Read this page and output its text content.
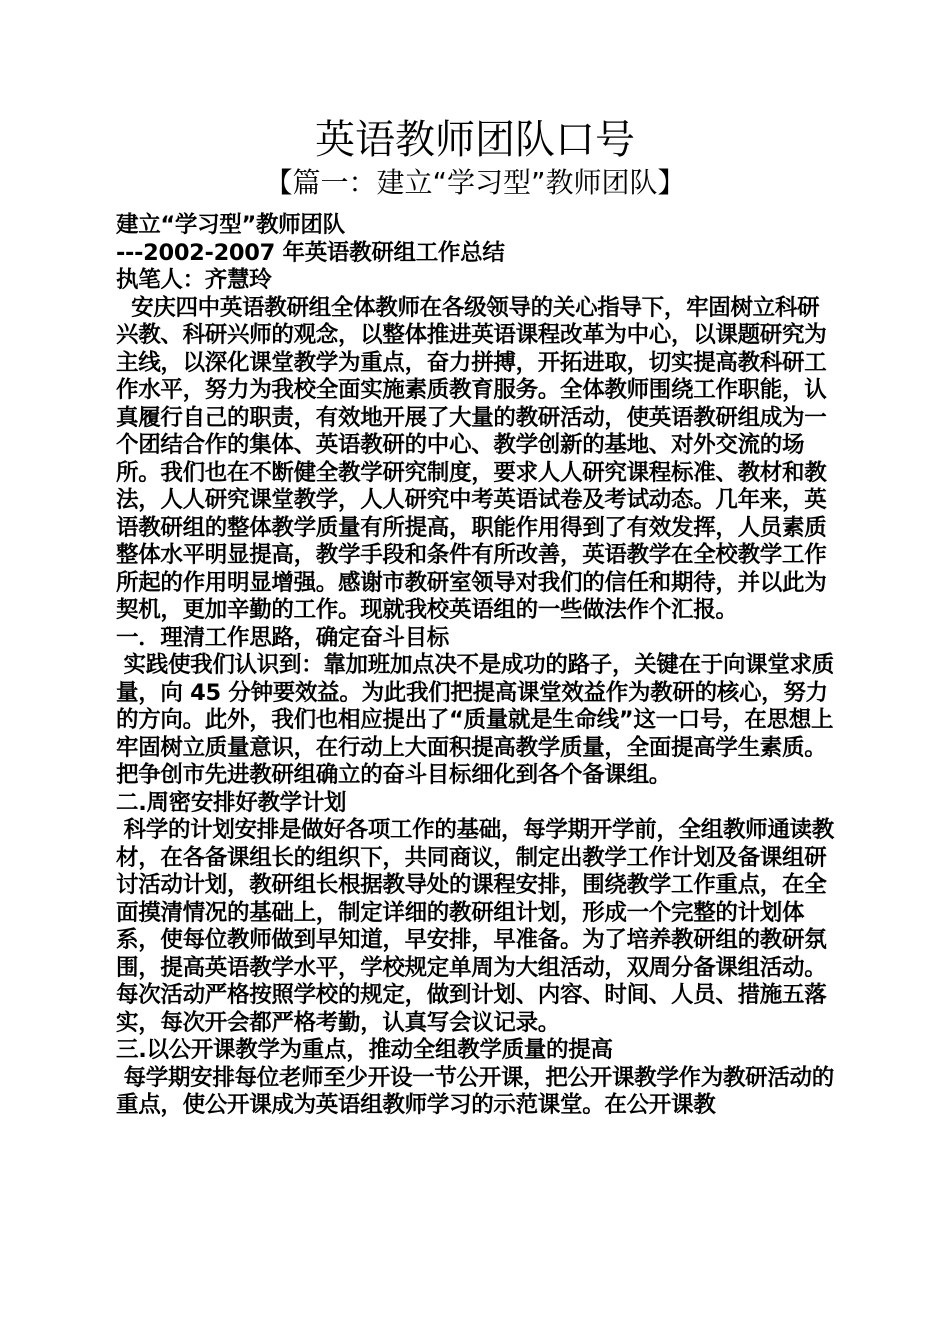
英语教师团队口号
【篇一：建立“学习型”教师团队】

建立“学习型”教师团队

---2002-2007 年英语教研组工作总结

执笔人：齐慧玲

安庆四中英语教研组全体教师在各级领导的关心指导下，牢固树立科研兴教、科研兴师的观念，以整体推进英语课程改革为中心，以课题研究为主线，以深化课堂教学为重点，奋力拼搏，开拓进取，切实提高教科研工作水平，努力为我校全面实施素质教育服务。全体教师围绕工作职能，认真履行自己的职责，有效地开展了大量的教研活动，使英语教研组成为一个团结合作的集体、英语教研的中心、教学创新的基地、对外交流的场所。我们也在不断健全教学研究制度，要求人人研究课程标准、教材和教法，人人研究课堂教学，人人研究中考英语试卷及考试动态。几年来，英语教研组的整体教学质量有所提高，职能作用得到了有效发挥，人员素质整体水平明显提高，教学手段和条件有所改善，英语教学在全校教学工作所起的作用明显增强。感谢市教研室领导对我们的信任和期待，并以此为契机，更加辛勤的工作。现就我校英语组的一些做法作个汇报。

一．理清工作思路，确定奋斗目标

实践使我们认识到：靠加班加点决不是成功的路子，关键在于向课堂求质量，向 45 分钟要效益。为此我们把提高课堂效益作为教研的核心，努力的方向。此外，我们也相应提出了“质量就是生命线”这一口号，在思想上牢固树立质量意识，在行动上大面积提高教学质量，全面提高学生素质。把争创市先进教研组确立的奋斗目标细化到各个备课组。

二.周密安排好教学计划

科学的计划安排是做好各项工作的基础，每学期开学前，全组教师通读教材，在各备课组长的组织下，共同商议，制定出教学工作计划及备课组研讨活动计划，教研组长根据教导处的课程安排，围绕教学工作重点，在全面摸清情况的基础上，制定详细的教研组计划，形成一个完整的计划体系，使每位教师做到早知道，早安排，早准备。为了培养教研组的教研氛围，提高英语教学水平，学校规定单周为大组活动，双周分备课组活动。每次活动严格按照学校的规定，做到计划、内容、时间、人员、措施五落实，每次开会都严格考勤，认真写会议记录。

三.以公开课教学为重点，推动全组教学质量的提高

每学期安排每位老师至少开设一节公开课，把公开课教学作为教研活动的重点，使公开课成为英语组教师学习的示范课堂。在公开课教
